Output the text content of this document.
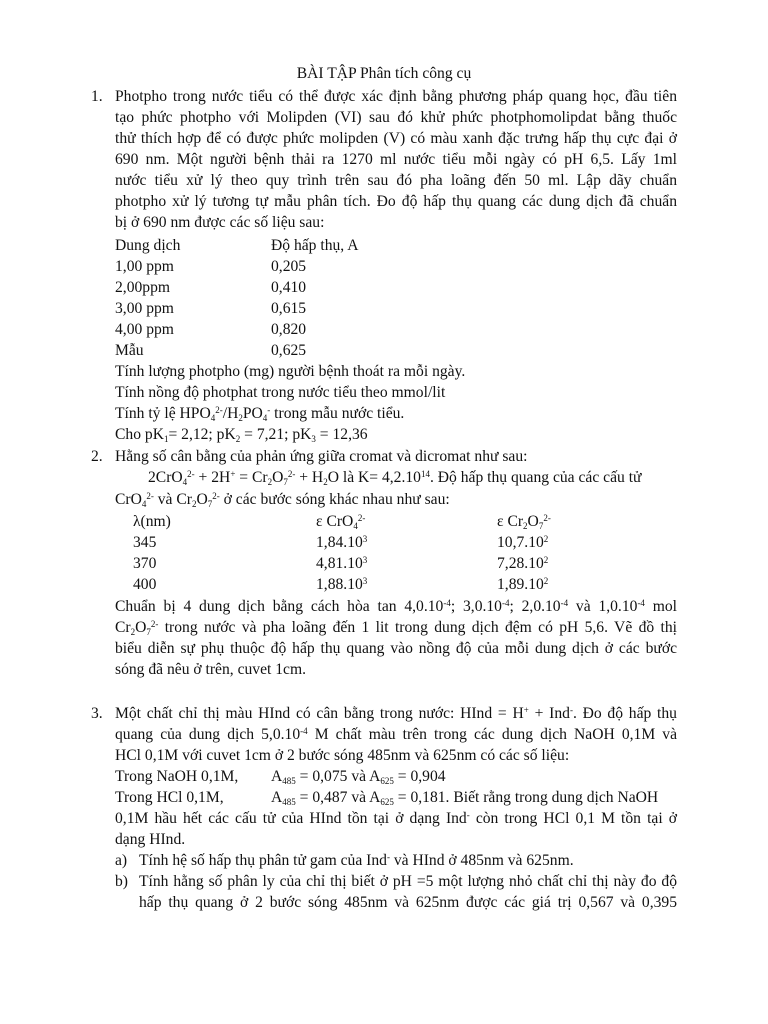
BÀI TẬP Phân tích công cụ
1. Photpho trong nước tiểu có thể được xác định bằng phương pháp quang học, đầu tiên
tạo phức photpho với Molipden (VI) sau đó khử phức photphomolipdat bằng thuốc
thử thích hợp để có được phức molipden (V) có màu xanh đặc trưng hấp thụ cực đại ở
690 nm. Một người bệnh thải ra 1270 ml nước tiểu mỗi ngày có pH 6,5. Lấy 1ml
nước tiểu xử lý theo quy trình trên sau đó pha loãng đến 50 ml. Lập dãy chuẩn
photpho xử lý tương tự mẫu phân tích. Đo độ hấp thụ quang các dung dịch đã chuẩn
bị ở 690 nm được các số liệu sau:
Dung dịch	Độ hấp thụ, A
1,00 ppm	0,205
2,00ppm	0,410
3,00 ppm	0,615
4,00 ppm	0,820
Mẫu	0,625
Tính lượng photpho (mg) người bệnh thoát ra mỗi ngày.
Tính nồng độ photphat trong nước tiểu theo mmol/lit
Tính tỷ lệ $HPO_4^{2-}/H_2PO_4^-$ trong mẫu nước tiểu.
Cho $pK_1= 2,12$; $pK_2 = 7,21$; $pK_3 = 12,36$
2. Hằng số cân bằng của phản ứng giữa cromat và dicromat như sau:
$2CrO_4^{2-} + 2H^+ = Cr_2O_7^{2-} + H_2O$ là $K= 4,2.10^{14}$. Độ hấp thụ quang của các cấu tử
CrO$_4^{2-}$ và $Cr_2O_7^{2-}$ ở các bước sóng khác nhau như sau:
λ(nm)	ε CrO$_4^{2-}$	ε $Cr_2O_7^{2-}$
345	1,84.10$^3$	10,7.10$^2$
370	4,81.10$^3$	7,28.10$^2$
400	1,88.10$^3$	1,89.10$^2$
Chuẩn bị 4 dung dịch bằng cách hòa $\tan 4,0.10^{-4}$; $3,0.10^{-4}$; $2,0.10^{-4}$ và $1,0.10^{-4}$ mol
$Cr_2O_7^{2-}$ trong nước và pha loãng đến 1 lit trong dung dịch đệm có pH 5,6. Vẽ đồ thị
biểu diễn sự phụ thuộc độ hấp thụ quang vào nồng độ của mỗi dung dịch ở các bước
sóng đã nêu ở trên, cuvet 1cm.
3. Một chất chỉ thị màu HInd có cân bằng trong nước: HInd = H+ + Ind-. Đo độ hấp thụ
quang của dung dịch $5,0.10^{-4}$ M chất màu trên trong các dung dịch NaOH 0,1M và
HCl 0,1M với cuvet 1cm ở 2 bước sóng 485nm và 625nm có các số liệu:
Trong NaOH 0,1M, $A_{485} = 0,075$ và $A_{625} = 0,904$
Trong HCl 0,1M,	$A_{485} = 0,487$ và $A_{625} = 0,181$. Biết rằng trong dung dịch NaOH
0,1M hầu hết các cấu tử của HInd tồn tại ở dạng Ind- còn trong HCl 0,1 M tồn tại ở
dạng HInd.
a) Tính hệ số hấp thụ phân tử gam của Ind- và HInd ở 485nm và 625nm.
b) Tính hằng số phân ly của chỉ thị biết ở pH =5 một lượng nhỏ chất chỉ thị này đo độ
hấp thụ quang ở 2 bước sóng 485nm và 625nm được các giá trị 0,567 và 0,395
